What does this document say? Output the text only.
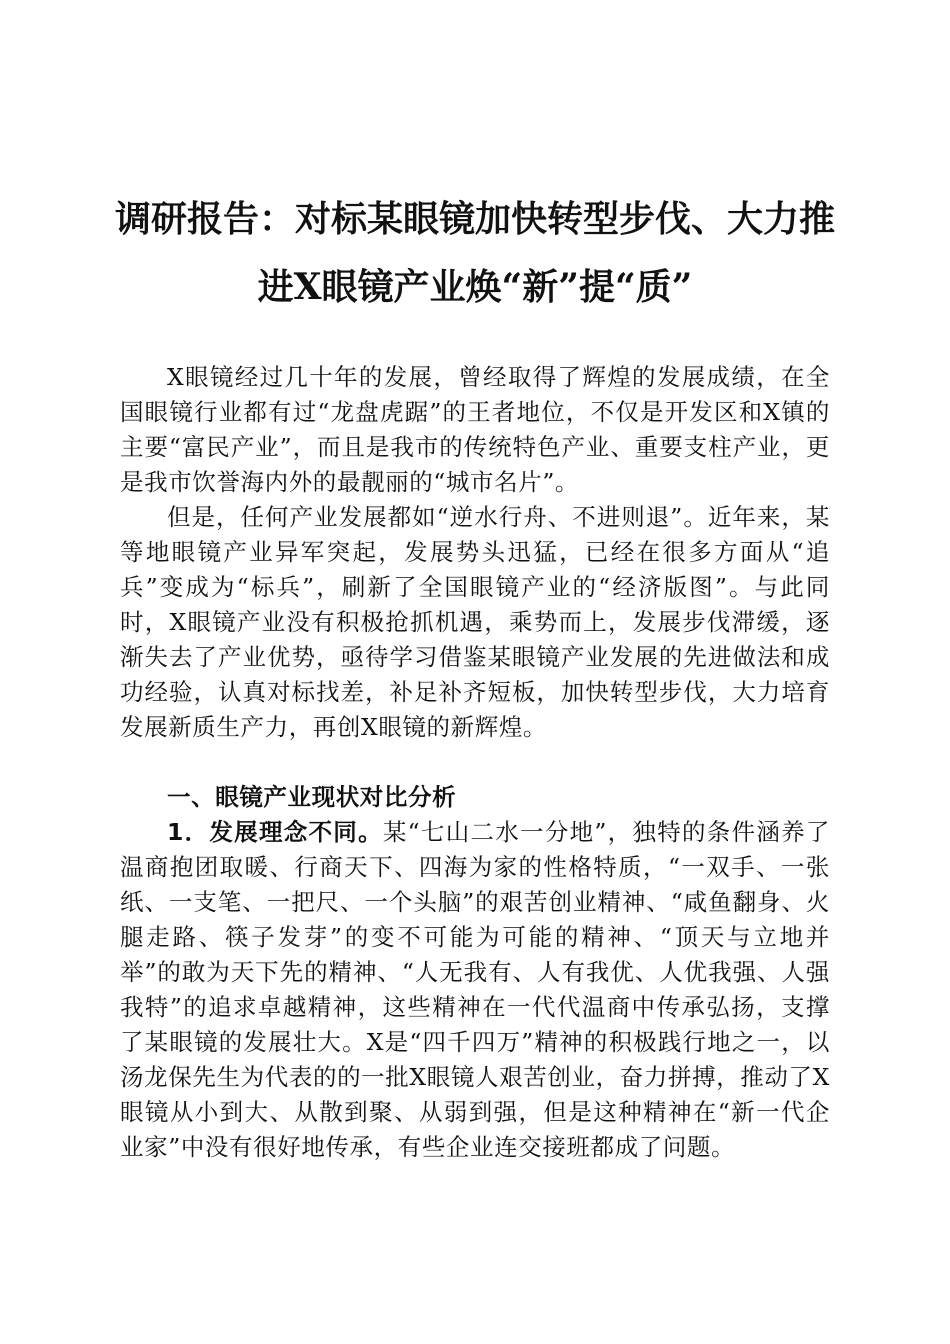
调研报告：对标某眼镜加快转型步伐、大力推
进X眼镜产业焕“新”提“质”

X眼镜经过几十年的发展，曾经取得了辉煌的发展成绩，在全国眼镜行业都有过“龙盘虎踞”的王者地位，不仅是开发区和X镇的主要“富民产业”，而且是我市的传统特色产业、重要支柱产业，更是我市饮誉海内外的最靓丽的“城市名片”。

但是，任何产业发展都如“逆水行舟、不进则退”。近年来，某等地眼镜产业异军突起，发展势头迅猛，已经在很多方面从“追兵”变成为“标兵”，刷新了全国眼镜产业的“经济版图”。与此同时，X眼镜产业没有积极抢抓机遇，乘势而上，发展步伐滞缓，逐渐失去了产业优势，亟待学习借鉴某眼镜产业发展的先进做法和成功经验，认真对标找差，补足补齐短板，加快转型步伐，大力培育发展新质生产力，再创X眼镜的新辉煌。

一、眼镜产业现状对比分析

1．发展理念不同。某“七山二水一分地”，独特的条件涵养了温商抱团取暖、行商天下、四海为家的性格特质，“一双手、一张纸、一支笔、一把尺、一个头脑”的艰苦创业精神、“咸鱼翻身、火腿走路、筷子发芽”的变不可能为可能的精神、“顶天与立地并举”的敢为天下先的精神、“人无我有、人有我优、人优我强、人强我特”的追求卓越精神，这些精神在一代代温商中传承弘扬，支撑了某眼镜的发展壮大。X是“四千四万”精神的积极践行地之一，以汤龙保先生为代表的的一批X眼镜人艰苦创业，奋力拼搏，推动了X眼镜从小到大、从散到聚、从弱到强，但是这种精神在“新一代企业家”中没有很好地传承，有些企业连交接班都成了问题。
